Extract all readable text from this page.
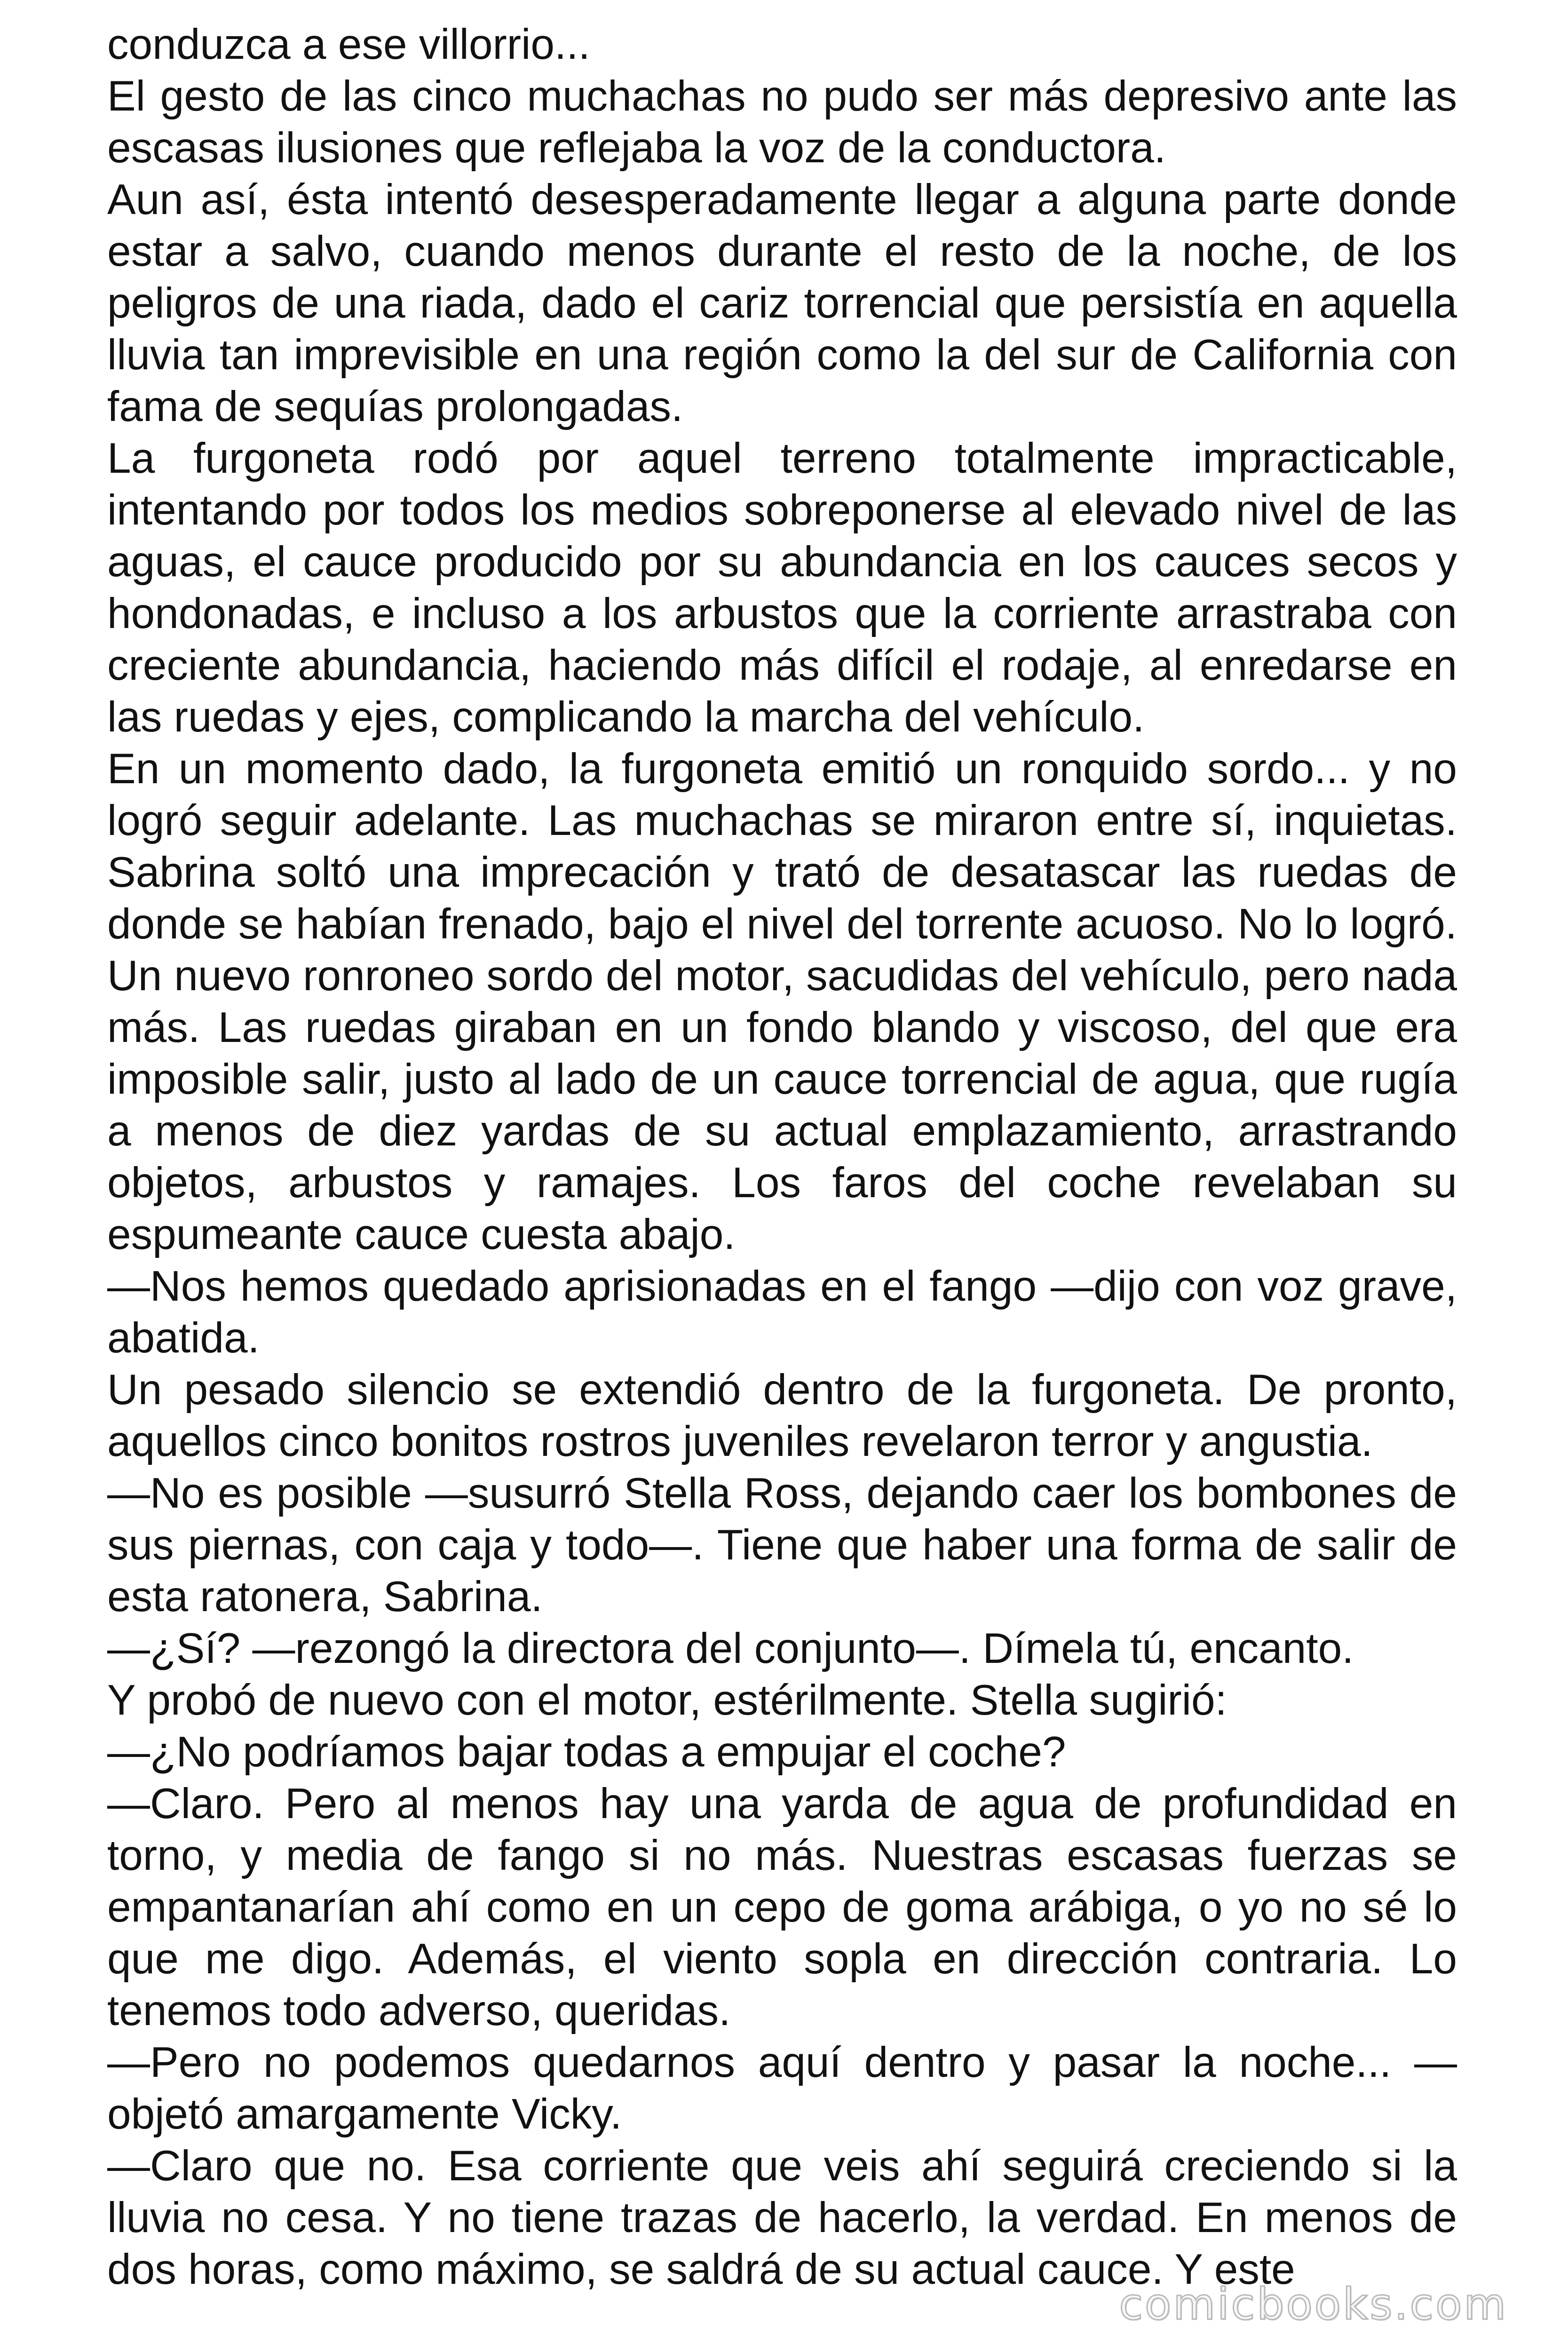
conduzca a ese villorrio...

El gesto de las cinco muchachas no pudo ser más depresivo ante las escasas ilusiones que reflejaba la voz de la conductora.

Aun así, ésta intentó desesperadamente llegar a alguna parte donde estar a salvo, cuando menos durante el resto de la noche, de los peligros de una riada, dado el cariz torrencial que persistía en aquella lluvia tan imprevisible en una región como la del sur de California con fama de sequías prolongadas.

La furgoneta rodó por aquel terreno totalmente impracticable, intentando por todos los medios sobreponerse al elevado nivel de las aguas, el cauce producido por su abundancia en los cauces secos y hondonadas, e incluso a los arbustos que la corriente arrastraba con creciente abundancia, haciendo más difícil el rodaje, al enredarse en las ruedas y ejes, complicando la marcha del vehículo.

En un momento dado, la furgoneta emitió un ronquido sordo... y no logró seguir adelante. Las muchachas se miraron entre sí, inquietas. Sabrina soltó una imprecación y trató de desatascar las ruedas de donde se habían frenado, bajo el nivel del torrente acuoso. No lo logró. Un nuevo ronroneo sordo del motor, sacudidas del vehículo, pero nada más. Las ruedas giraban en un fondo blando y viscoso, del que era imposible salir, justo al lado de un cauce torrencial de agua, que rugía a menos de diez yardas de su actual emplazamiento, arrastrando objetos, arbustos y ramajes. Los faros del coche revelaban su espumeante cauce cuesta abajo.

—Nos hemos quedado aprisionadas en el fango —dijo con voz grave, abatida.

Un pesado silencio se extendió dentro de la furgoneta. De pronto, aquellos cinco bonitos rostros juveniles revelaron terror y angustia.

—No es posible —susurró Stella Ross, dejando caer los bombones de sus piernas, con caja y todo—. Tiene que haber una forma de salir de esta ratonera, Sabrina.

—¿Sí? —rezongó la directora del conjunto—. Dímela tú, encanto.

Y probó de nuevo con el motor, estérilmente. Stella sugirió:

—¿No podríamos bajar todas a empujar el coche?

—Claro. Pero al menos hay una yarda de agua de profundidad en torno, y media de fango si no más. Nuestras escasas fuerzas se empantanarían ahí como en un cepo de goma arábiga, o yo no sé lo que me digo. Además, el viento sopla en dirección contraria. Lo tenemos todo adverso, queridas.

—Pero no podemos quedarnos aquí dentro y pasar la noche... —objetó amargamente Vicky.

—Claro que no. Esa corriente que veis ahí seguirá creciendo si la lluvia no cesa. Y no tiene trazas de hacerlo, la verdad. En menos de dos horas, como máximo, se saldrá de su actual cauce. Y este

comicbooks.com
